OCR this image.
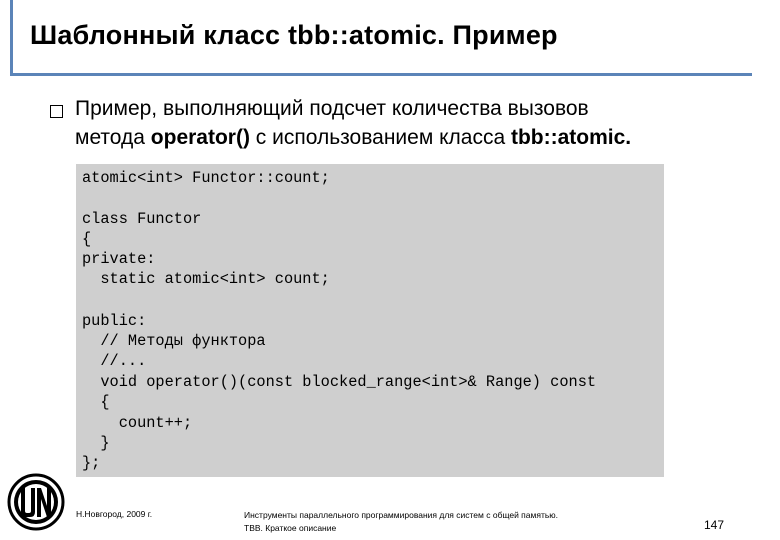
Шаблонный класс tbb::atomic. Пример
Пример, выполняющий подсчет количества вызовов
метода operator() с использованием класса tbb::atomic.
atomic<int> Functor::count;
class Functor
{
private:
static atomic<int> count;
public:
// Методы функтора
//...
void operator()(const blocked_range<int>& Range) const
{
count++;
}
};
Н.Новгород, 2009 г.	Инструменты параллельного программирования для систем с общей памятью.
TBB. Краткое описание	147
